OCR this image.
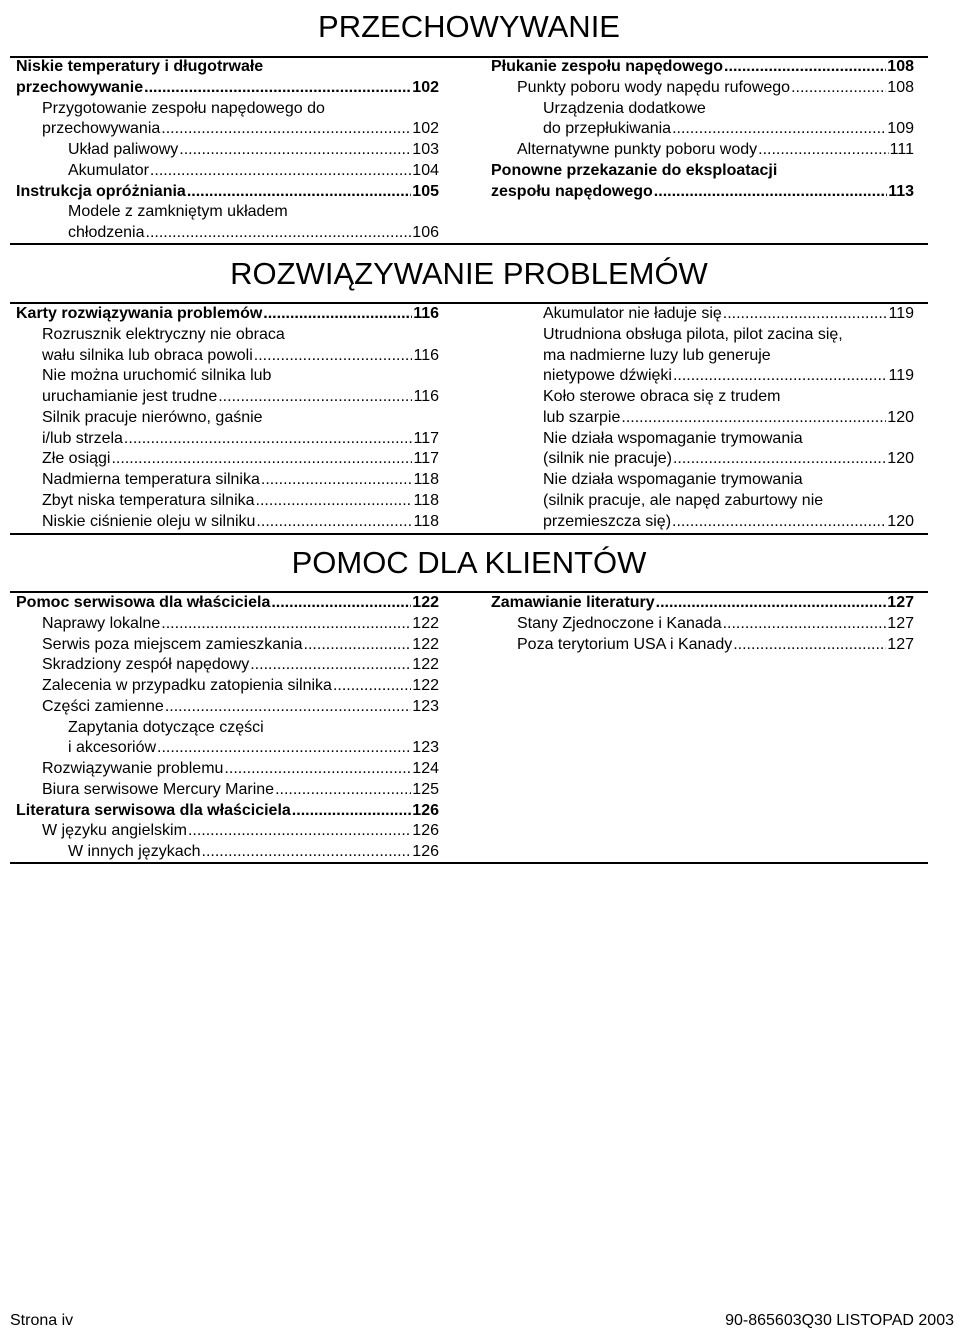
PRZECHOWYWANIE
Niskie temperatury i długotrwałe
przechowywanie .....	102
Przygotowanie zespołu napędowego do
przechowywania .....	102
Układ paliwowy .....	103
Akumulator .....	104
Instrukcja opróżniania .....	105
Modele z zamkniętym układem
chłodzenia .....	106
Płukanie zespołu napędowego .....	108
Punkty poboru wody napędu rufowego .....	108
Urządzenia dodatkowe
do przepłukiwania .....	109
Alternatywne punkty poboru wody .....	111
Ponowne przekazanie do eksploatacji
zespołu napędowego .....	113
ROZWIĄZYWANIE PROBLEMÓW
Karty rozwiązywania problemów .....	116
Rozrusznik elektryczny nie obraca
wału silnika lub obraca powoli .....	116
Nie można uruchomić silnika lub
uruchamianie jest trudne .....	116
Silnik pracuje nierówno, gaśnie
i/lub strzela .....	117
Złe osiągi .....	117
Nadmierna temperatura silnika .....	118
Zbyt niska temperatura silnika .....	118
Niskie ciśnienie oleju w silniku .....	118
Akumulator nie ładuje się .....	119
Utrudniona obsługa pilota, pilot zacina się,
ma nadmierne luzy lub generuje
nietypowe dźwięki .....	119
Koło sterowe obraca się z trudem
lub szarpie .....	120
Nie działa wspomaganie trymowania
(silnik nie pracuje) .....	120
Nie działa wspomaganie trymowania
(silnik pracuje, ale napęd zaburtowy nie
przemieszcza się) .....	120
POMOC DLA KLIENTÓW
Pomoc serwisowa dla właściciela .....	122
Naprawy lokalne .....	122
Serwis poza miejscem zamieszkania .....	122
Skradziony zespół napędowy .....	122
Zalecenia w przypadku zatopienia silnika .....	122
Części zamienne .....	123
Zapytania dotyczące części
i akcesoriów .....	123
Rozwiązywanie problemu .....	124
Biura serwisowe Mercury Marine .....	125
Literatura serwisowa dla właściciela .....	126
W języku angielskim .....	126
W innych językach .....	126
Zamawianie literatury .....	127
Stany Zjednoczone i Kanada .....	127
Poza terytorium USA i Kanady .....	127
Strona iv	90-865603Q30 LISTOPAD 2003
